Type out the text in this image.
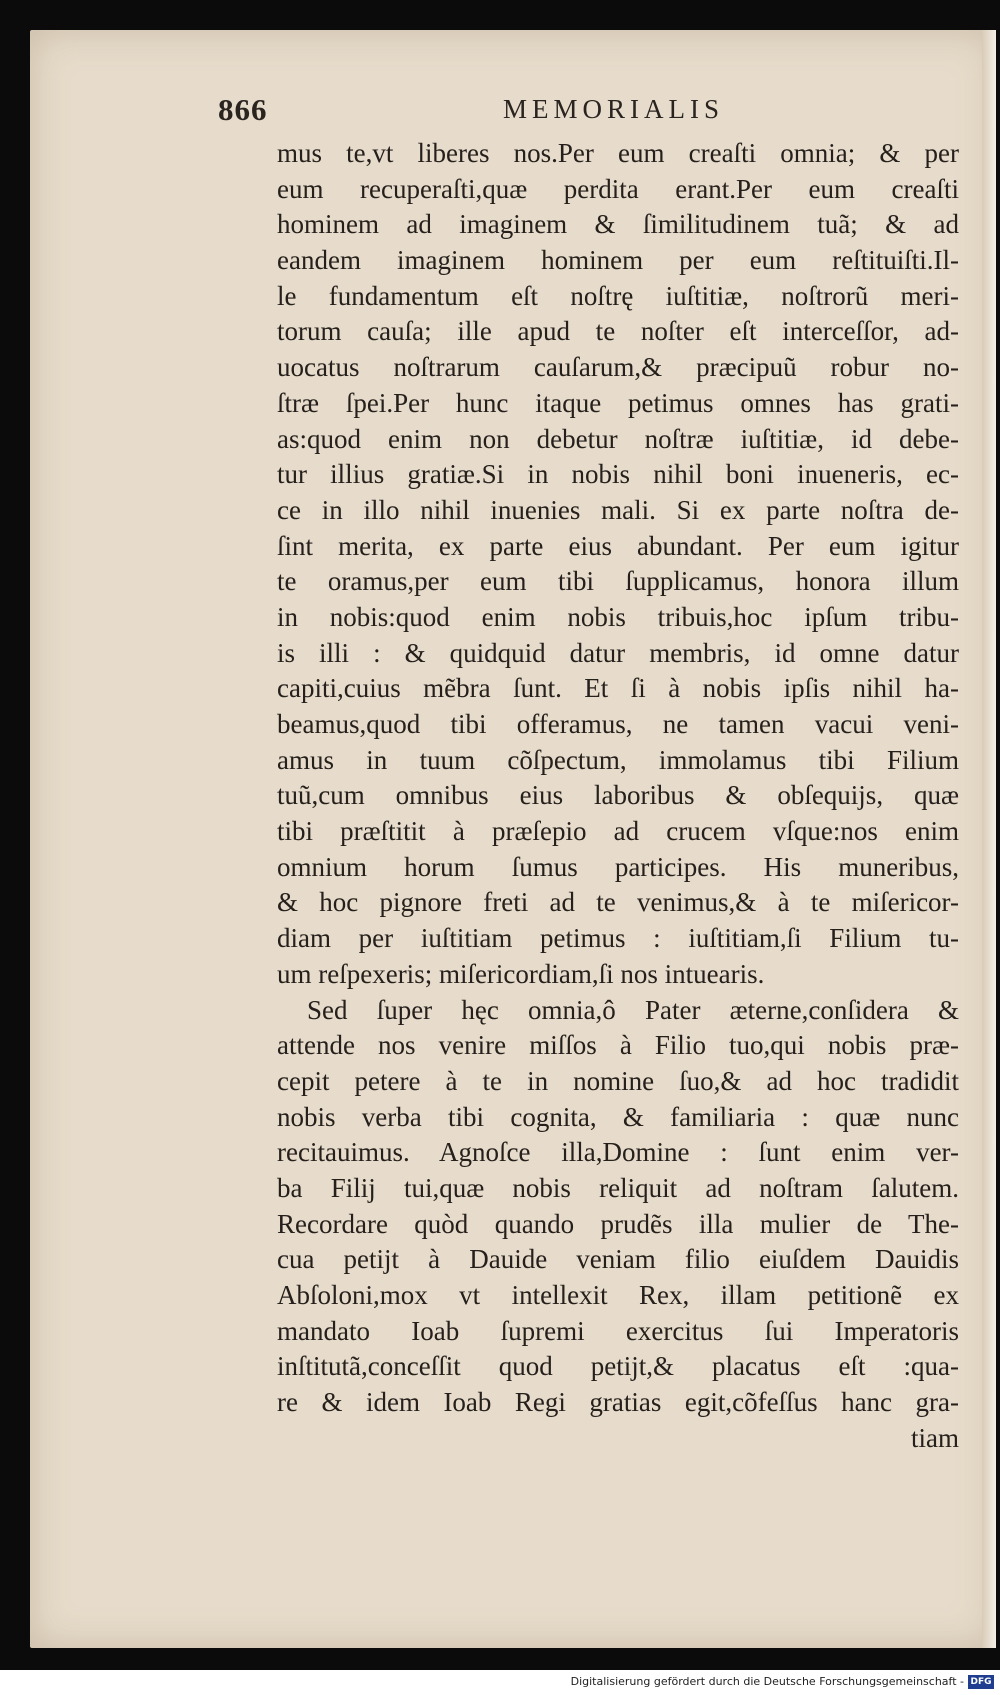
866	MEMORIALIS
mus te,vt liberes nos.Per eum creaſti omnia; & per
eum recuperaſti,quæ perdita erant.Per eum creaſti
hominem ad imaginem & ſimilitudinem tuã; & ad
eandem imaginem hominem per eum reſtituiſti.Il-
le fundamentum eſt noſtrę iuſtitiæ, noſtrorũ meri-
torum cauſa; ille apud te noſter eſt interceſſor, ad-
uocatus noſtrarum cauſarum,& præcipuũ robur no-
ſtræ ſpei.Per hunc itaque petimus omnes has grati-
as:quod enim non debetur noſtræ iuſtitiæ, id debe-
tur illius gratiæ.Si in nobis nihil boni inueneris, ec-
ce in illo nihil inuenies mali. Si ex parte noſtra de-
ſint merita, ex parte eius abundant. Per eum igitur
te oramus,per eum tibi ſupplicamus, honora illum
in nobis:quod enim nobis tribuis,hoc ipſum tribu-
is illi : & quidquid datur membris, id omne datur
capiti,cuius mẽbra ſunt. Et ſi à nobis ipſis nihil ha-
beamus,quod tibi offeramus, ne tamen vacui veni-
amus in tuum cõſpectum, immolamus tibi Filium
tuũ,cum omnibus eius laboribus & obſequijs, quæ
tibi præſtitit à præſepio ad crucem vſque:nos enim
omnium horum ſumus participes. His muneribus,
& hoc pignore freti ad te venimus,& à te miſericor-
diam per iuſtitiam petimus : iuſtitiam,ſi Filium tu-
um reſpexeris; miſericordiam,ſi nos intuearis.
Sed ſuper hęc omnia,ô Pater æterne,conſidera &
attende nos venire miſſos à Filio tuo,qui nobis præ-
cepit petere à te in nomine ſuo,& ad hoc tradidit
nobis verba tibi cognita, & familiaria : quæ nunc
recitauimus. Agnoſce illa,Domine : ſunt enim ver-
ba Filij tui,quæ nobis reliquit ad noſtram ſalutem.
Recordare quòd quando prudẽs illa mulier de The-
cua petijt à Dauide veniam filio eiuſdem Dauidis
Abſoloni,mox vt intellexit Rex, illam petitionẽ ex
mandato Ioab ſupremi exercitus ſui Imperatoris
inſtitutã,conceſſit quod petijt,& placatus eſt :qua-
re & idem Ioab Regi gratias egit,cõfeſſus hanc gra-
tiam
Digitalisierung gefördert durch die Deutsche Forschungsgemeinschaft - DFG
